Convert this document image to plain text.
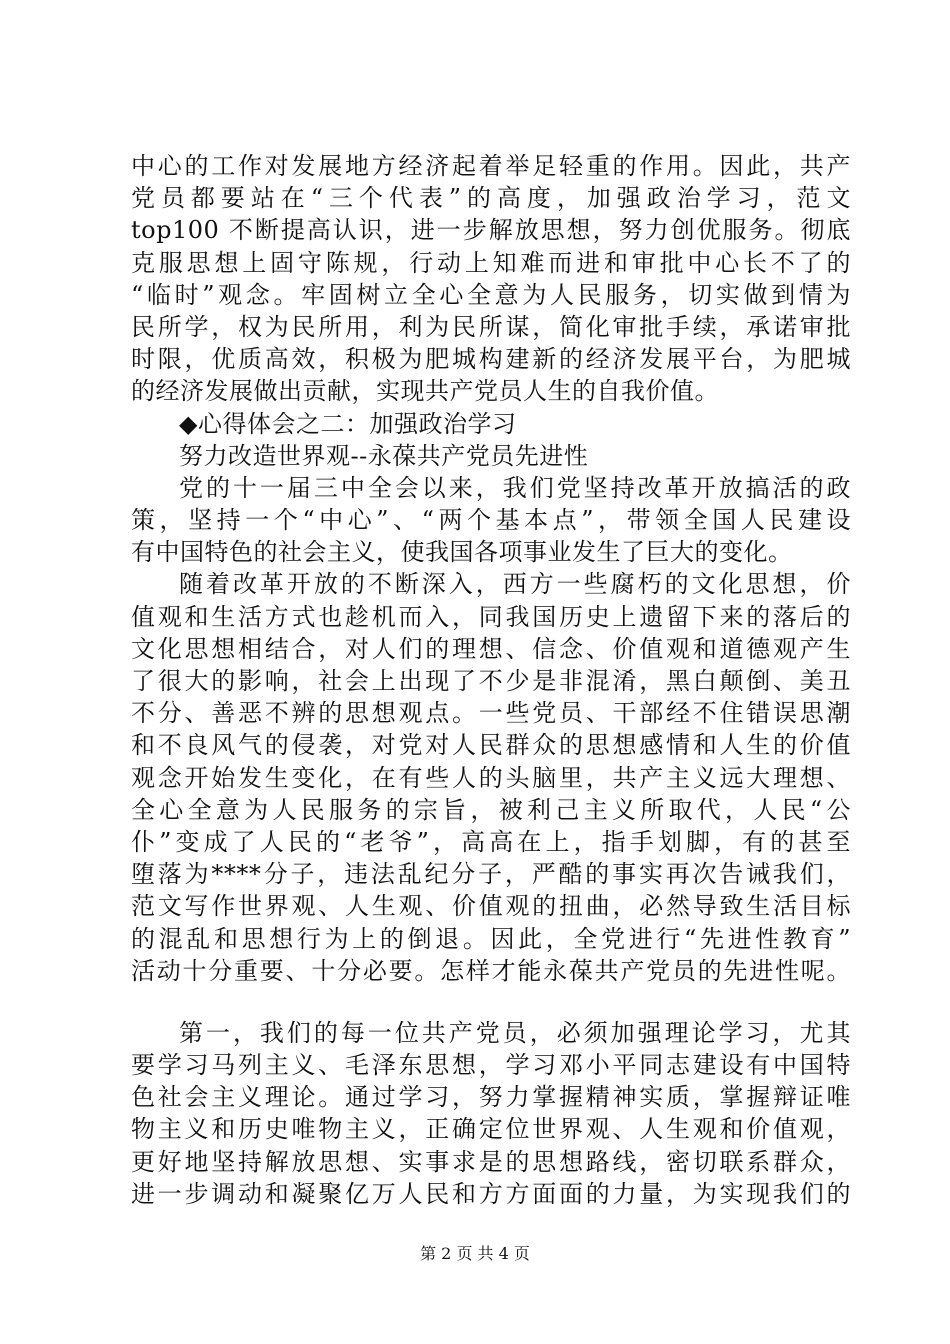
中心的工作对发展地方经济起着举足轻重的作用。因此，共产
党员都要站在“三个代表”的高度，加强政治学习，范文
top100 不断提高认识，进一步解放思想，努力创优服务。彻底
克服思想上固守陈规，行动上知难而进和审批中心长不了的
“临时”观念。牢固树立全心全意为人民服务，切实做到情为
民所学，权为民所用，利为民所谋，简化审批手续，承诺审批
时限，优质高效，积极为肥城构建新的经济发展平台，为肥城
的经济发展做出贡献，实现共产党员人生的自我价值。
◆心得体会之二：加强政治学习
努力改造世界观--永葆共产党员先进性
党的十一届三中全会以来，我们党坚持改革开放搞活的政
策，坚持一个“中心”、“两个基本点”，带领全国人民建设
有中国特色的社会主义，使我国各项事业发生了巨大的变化。
随着改革开放的不断深入，西方一些腐朽的文化思想，价
值观和生活方式也趁机而入，同我国历史上遗留下来的落后的
文化思想相结合，对人们的理想、信念、价值观和道德观产生
了很大的影响，社会上出现了不少是非混淆，黑白颠倒、美丑
不分、善恶不辨的思想观点。一些党员、干部经不住错误思潮
和不良风气的侵袭，对党对人民群众的思想感情和人生的价值
观念开始发生变化，在有些人的头脑里，共产主义远大理想、
全心全意为人民服务的宗旨，被利己主义所取代，人民“公
仆”变成了人民的“老爷”，高高在上，指手划脚，有的甚至
堕落为****分子，违法乱纪分子，严酷的事实再次告诫我们，
范文写作世界观、人生观、价值观的扭曲，必然导致生活目标
的混乱和思想行为上的倒退。因此，全党进行“先进性教育”
活动十分重要、十分必要。怎样才能永葆共产党员的先进性呢。
第一，我们的每一位共产党员，必须加强理论学习，尤其
要学习马列主义、毛泽东思想，学习邓小平同志建设有中国特
色社会主义理论。通过学习，努力掌握精神实质，掌握辩证唯
物主义和历史唯物主义，正确定位世界观、人生观和价值观，
更好地坚持解放思想、实事求是的思想路线，密切联系群众，
进一步调动和凝聚亿万人民和方方面面的力量，为实现我们的
第 2 页 共 4 页
